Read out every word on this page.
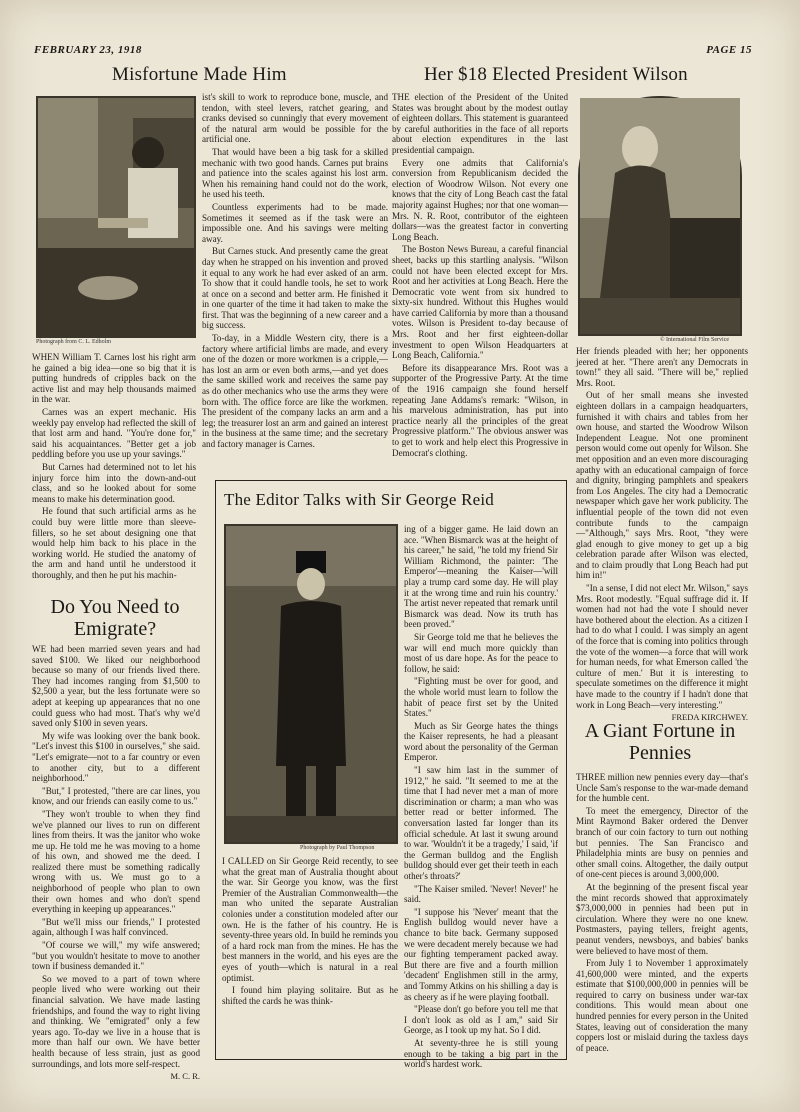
FEBRUARY 23, 1918	PAGE 15
Misfortune Made Him
Photograph from C. L. Edholm

WHEN William T. Carnes lost his right arm he gained a big idea—one so big that it is putting hundreds of cripples back on the active list and may help thousands maimed in the war.

Carnes was an expert mechanic. His weekly pay envelop had reflected the skill of that lost arm and hand. "You're done for," said his acquaintances. "Better get a job peddling before you use up your savings."

But Carnes had determined not to let his injury force him into the down-and-out class, and so he looked about for some means to make his determination good.

He found that such artificial arms as he could buy were little more than sleeve-fillers, so he set about designing one that would help him back to his place in the working world. He studied the anatomy of the arm and hand until he understood it thoroughly, and then he put his machin-

ist's skill to work to reproduce bone, muscle, and tendon, with steel levers, ratchet gearing, and cranks devised so cunningly that every movement of the natural arm would be possible for the artificial one.

That would have been a big task for a skilled mechanic with two good hands. Carnes put brains and patience into the scales against his lost arm. When his remaining hand could not do the work, he used his teeth.

Countless experiments had to be made. Sometimes it seemed as if the task were an impossible one. And his savings were melting away.

But Carnes stuck. And presently came the great day when he strapped on his invention and proved it equal to any work he had ever asked of an arm. To show that it could handle tools, he set to work at once on a second and better arm. He finished it in one quarter of the time it had taken to make the first. That was the beginning of a new career and a big success.

To-day, in a Middle Western city, there is a factory where artificial limbs are made, and every one of the dozen or more workmen is a cripple,—has lost an arm or even both arms,—and yet does the same skilled work and receives the same pay as do other mechanics who use the arms they were born with. The office force are like the workmen. The president of the company lacks an arm and a leg; the treasurer lost an arm and gained an interest in the business at the same time; and the secretary and factory manager is Carnes.

Her $18 Elected President Wilson

THE election of the President of the United States was brought about by the modest outlay of eighteen dollars. This statement is guaranteed by careful authorities in the face of all reports about election expenditures in the last presidential campaign.

Every one admits that California's conversion from Republicanism decided the election of Woodrow Wilson. Not every one knows that the city of Long Beach cast the fatal majority against Hughes; nor that one woman—Mrs. N. R. Root, contributor of the eighteen dollars—was the greatest factor in converting Long Beach.

The Boston News Bureau, a careful financial sheet, backs up this startling analysis. "Wilson could not have been elected except for Mrs. Root and her activities at Long Beach. Here the Democratic vote went from six hundred to sixty-six hundred. Without this Hughes would have carried California by more than a thousand votes. Wilson is President to-day because of Mrs. Root and her first eighteen-dollar investment to open Wilson Headquarters at Long Beach, California."

Before its disappearance Mrs. Root was a supporter of the Progressive Party. At the time of the 1916 campaign she found herself repeating Jane Addams's remark: "Wilson, in his marvelous administration, has put into practice nearly all the principles of the great Progressive platform." The obvious answer was to get to work and help elect this Progressive in Democrat's clothing.

© International Film Service

Her friends pleaded with her; her opponents jeered at her. "There aren't any Democrats in town!" they all said. "There will be," replied Mrs. Root.

Out of her small means she invested eighteen dollars in a campaign headquarters, furnished it with chairs and tables from her own house, and started the Woodrow Wilson Independent League. Not one prominent person would come out openly for Wilson. She met opposition and an even more discouraging apathy with an educational campaign of force and dignity, bringing pamphlets and speakers from Los Angeles. The city had a Democratic newspaper which gave her work publicity. The influential people of the town did not even contribute funds to the campaign—"Although," says Mrs. Root, "they were glad enough to give money to get up a big celebration parade after Wilson was elected, and to claim proudly that Long Beach had put him in!"

"In a sense, I did not elect Mr. Wilson," says Mrs. Root modestly. "Equal suffrage did it. If women had not had the vote I should never have bothered about the election. As a citizen I had to do what I could. I was simply an agent of the force that is coming into politics through the vote of the women—a force that will work for human needs, for what Emerson called 'the culture of men.' But it is interesting to speculate sometimes on the difference it might have made to the country if I hadn't done that work in Long Beach—very interesting."

FREDA KIRCHWEY.
The Editor Talks with Sir George Reid
Photograph by Paul Thompson

I CALLED on Sir George Reid recently, to see what the great man of Australia thought about the war. Sir George you know, was the first Premier of the Australian Commonwealth—the man who united the separate Australian colonies under a constitution modeled after our own. He is the father of his country. He is seventy-three years old. In build he reminds you of a hard rock man from the mines. He has the best manners in the world, and his eyes are the eyes of youth—which is natural in a real optimist.

I found him playing solitaire. But as he shifted the cards he was think-

ing of a bigger game. He laid down an ace. "When Bismarck was at the height of his career," he said, "he told my friend Sir William Richmond, the painter: 'The Emperor'—meaning the Kaiser—'will play a trump card some day. He will play it at the wrong time and ruin his country.' The artist never repeated that remark until Bismarck was dead. Now its truth has been proved."

Sir George told me that he believes the war will end much more quickly than most of us dare hope. As for the peace to follow, he said:

"Fighting must be over for good, and the whole world must learn to follow the habit of peace first set by the United States."

Much as Sir George hates the things the Kaiser represents, he had a pleasant word about the personality of the German Emperor.

"I saw him last in the summer of 1912," he said. "It seemed to me at the time that I had never met a man of more discrimination or charm; a man who was better read or better informed. The conversation lasted far longer than its official schedule. At last it swung around to war. 'Wouldn't it be a tragedy,' I said, 'if the German bulldog and the English bulldog should ever get their teeth in each other's throats?'

"The Kaiser smiled. 'Never! Never!' he said.

"I suppose his 'Never' meant that the English bulldog would never have a chance to bite back. Germany supposed we were decadent merely because we had our fighting temperament packed away. But there are five and a fourth million 'decadent' Englishmen still in the army, and Tommy Atkins on his shilling a day is as cheery as if he were playing football.

"Please don't go before you tell me that I don't look as old as I am," said Sir George, as I took up my hat. So I did.

At seventy-three he is still young enough to be taking a big part in the world's hardest work.

Do You Need to Emigrate?

WE had been married seven years and had saved $100. We liked our neighborhood because so many of our friends lived there. They had incomes ranging from $1,500 to $2,500 a year, but the less fortunate were so adept at keeping up appearances that no one could guess who had most. That's why we'd saved only $100 in seven years.

My wife was looking over the bank book. "Let's invest this $100 in ourselves," she said. "Let's emigrate—not to a far country or even to another city, but to a different neighborhood."

"But," I protested, "there are car lines, you know, and our friends can easily come to us."

"They won't trouble to when they find we've planned our lives to run on different lines from theirs. It was the janitor who woke me up. He told me he was moving to a home of his own, and showed me the deed. I realized there must be something radically wrong with us. We must go to a neighborhood of people who plan to own their own homes and who don't spend everything in keeping up appearances."

"But we'll miss our friends," I protested again, although I was half convinced.

"Of course we will," my wife answered; "but you wouldn't hesitate to move to another town if business demanded it."

So we moved to a part of town where people lived who were working out their financial salvation. We have made lasting friendships, and found the way to right living and thinking. We "emigrated" only a few years ago. To-day we live in a house that is more than half our own. We have better health because of less strain, just as good surroundings, and lots more self-respect.

M. C. R.
A Giant Fortune in Pennies

THREE million new pennies every day—that's Uncle Sam's response to the war-made demand for the humble cent.

To meet the emergency, Director of the Mint Raymond Baker ordered the Denver branch of our coin factory to turn out nothing but pennies. The San Francisco and Philadelphia mints are busy on pennies and other small coins. Altogether, the daily output of one-cent pieces is around 3,000,000.

At the beginning of the present fiscal year the mint records showed that approximately $73,000,000 in pennies had been put in circulation. Where they were no one knew. Postmasters, paying tellers, freight agents, peanut venders, newsboys, and babies' banks were believed to have most of them.

From July 1 to November 1 approximately 41,600,000 were minted, and the experts estimate that $100,000,000 in pennies will be required to carry on business under war-tax conditions. This would mean about one hundred pennies for every person in the United States, leaving out of consideration the many coppers lost or mislaid during the taxless days of peace.
